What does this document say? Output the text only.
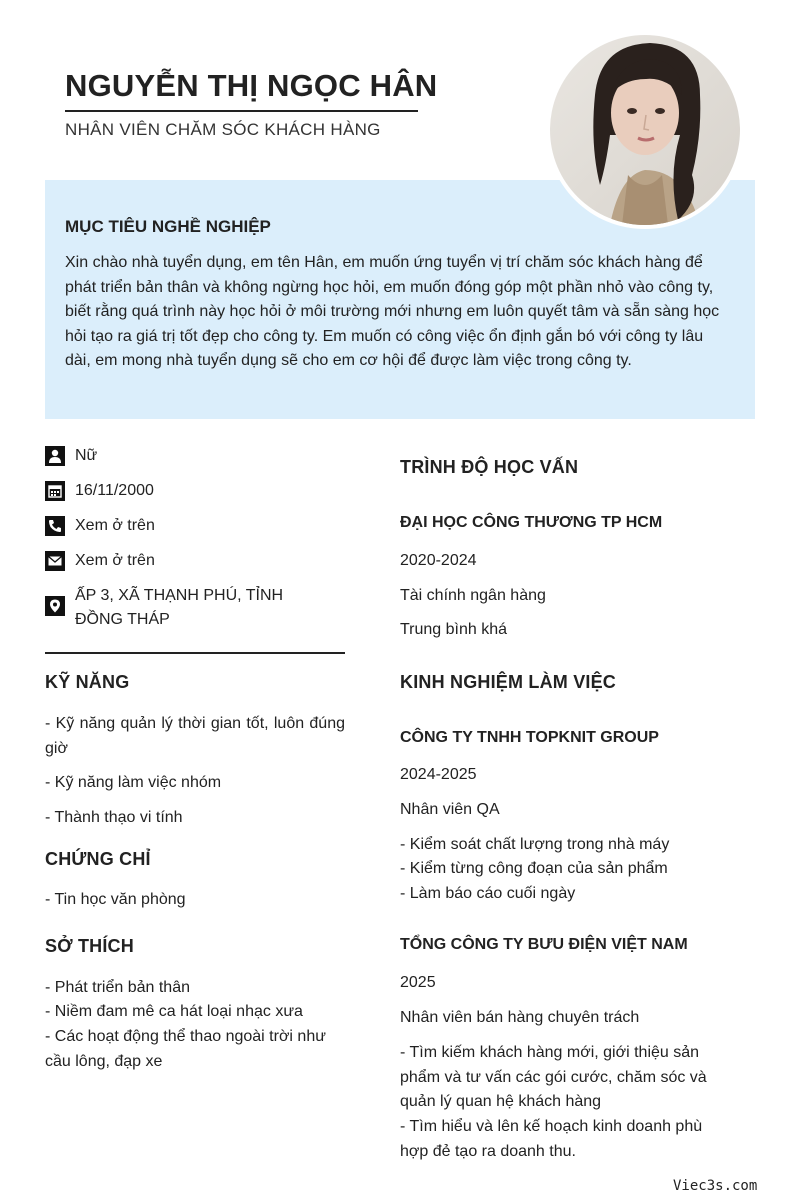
NGUYỄN THỊ NGỌC HÂN
NHÂN VIÊN CHĂM SÓC KHÁCH HÀNG
MỤC TIÊU NGHỀ NGHIỆP

Xin chào nhà tuyển dụng, em tên Hân, em muốn ứng tuyển vị trí chăm sóc khách hàng để phát triển bản thân và không ngừng học hỏi, em muốn đóng góp một phần nhỏ vào công ty, biết rằng quá trình này học hỏi ở môi trường mới nhưng em luôn quyết tâm và sẵn sàng học hỏi tạo ra giá trị tốt đẹp cho công ty. Em muốn có công việc ổn định gắn bó với công ty lâu dài, em mong nhà tuyển dụng sẽ cho em cơ hội để được làm việc trong công ty.

Nữ
16/11/2000
Xem ở trên
Xem ở trên
ẤP 3, XÃ THẠNH PHÚ, TỈNH
ĐỒNG THÁP
KỸ NĂNG
- Kỹ năng quản lý thời gian tốt, luôn đúng giờ
- Kỹ năng làm việc nhóm
- Thành thạo vi tính
CHỨNG CHỈ
- Tin học văn phòng
SỞ THÍCH
- Phát triển bản thân
- Niềm đam mê ca hát loại nhạc xưa
- Các hoạt động thể thao ngoài trời như cầu lông, đạp xe
TRÌNH ĐỘ HỌC VẤN
ĐẠI HỌC CÔNG THƯƠNG TP HCM
2020-2024
Tài chính ngân hàng
Trung bình khá
KINH NGHIỆM LÀM VIỆC
CÔNG TY TNHH TOPKNIT GROUP
2024-2025
Nhân viên QA
- Kiểm soát chất lượng trong nhà máy
- Kiểm từng công đoạn của sản phẩm
- Làm báo cáo cuối ngày
TỔNG CÔNG TY BƯU ĐIỆN VIỆT NAM
2025
Nhân viên bán hàng chuyên trách
- Tìm kiếm khách hàng mới, giới thiệu sản phẩm và tư vấn các gói cước, chăm sóc và quản lý quan hệ khách hàng
- Tìm hiểu và lên kế hoạch kinh doanh phù hợp đẻ tạo ra doanh thu.
Viec3s.com
